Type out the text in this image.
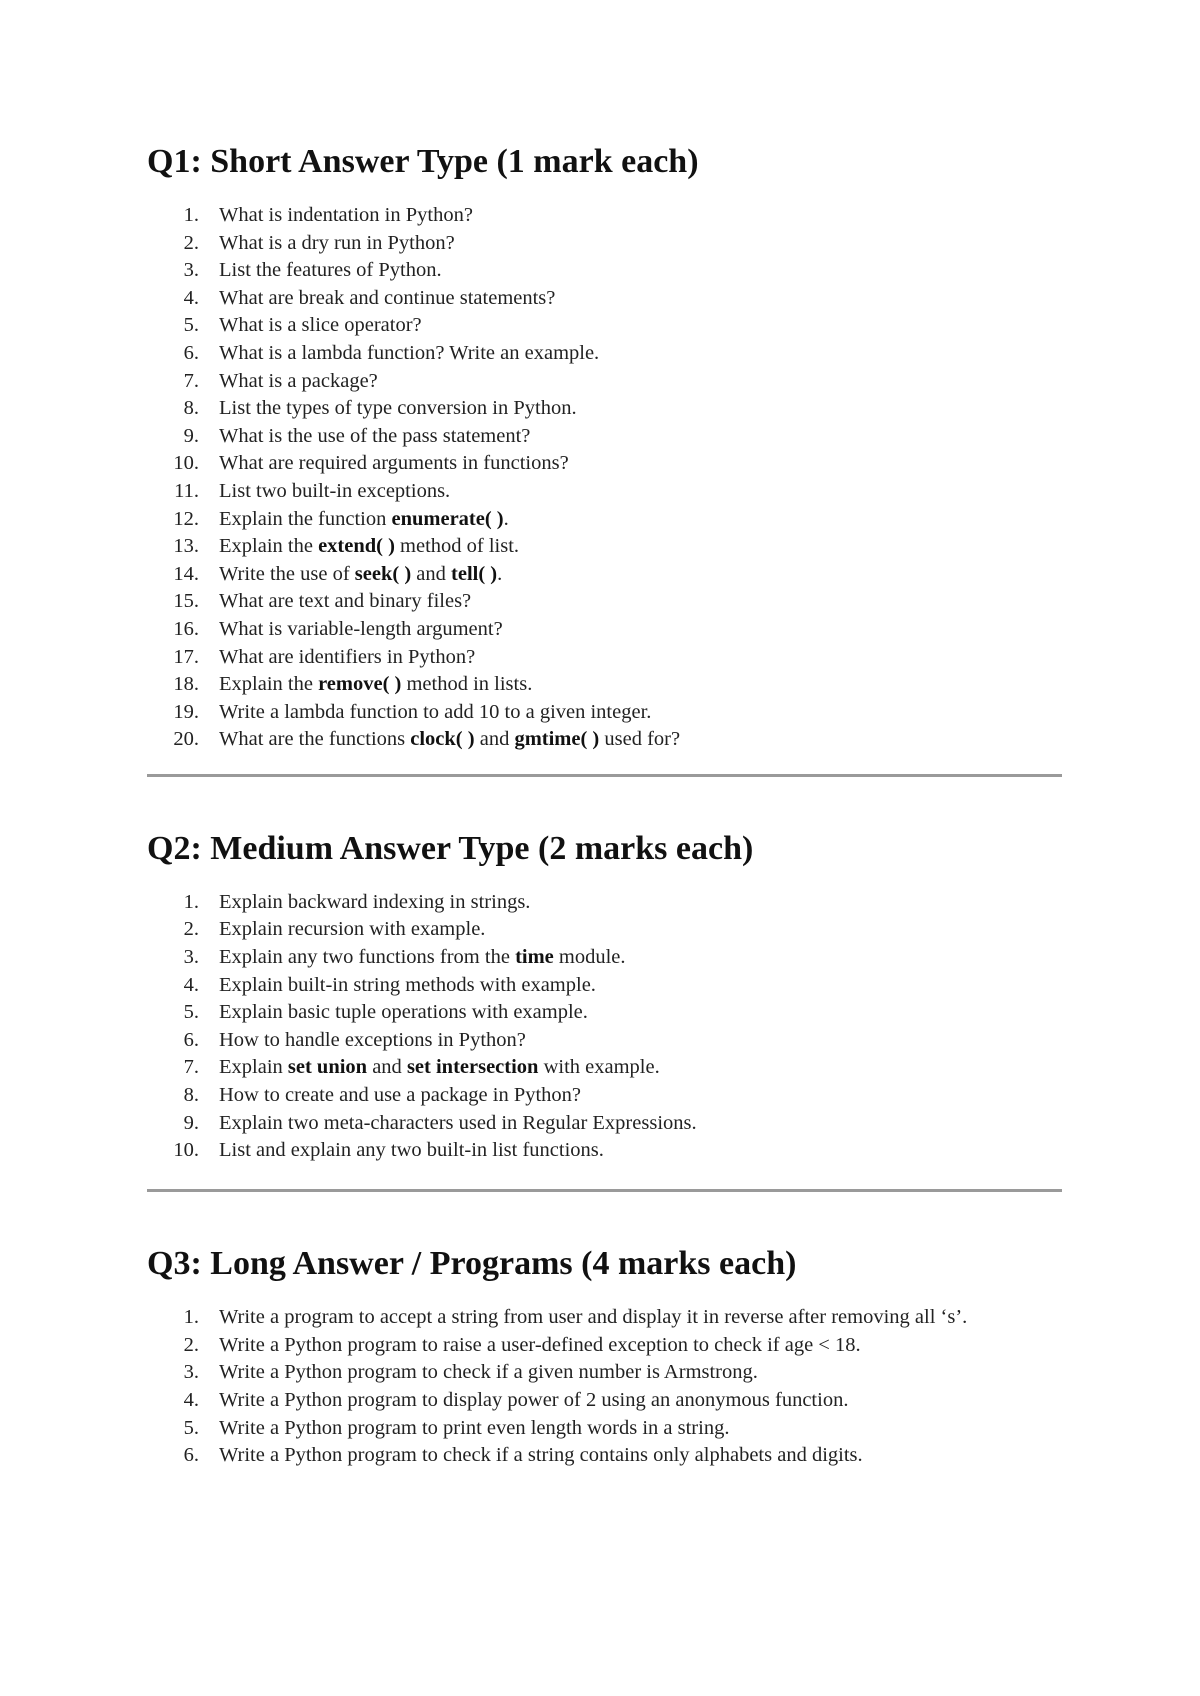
Q1: Short Answer Type (1 mark each)
1. What is indentation in Python?
2. What is a dry run in Python?
3. List the features of Python.
4. What are break and continue statements?
5. What is a slice operator?
6. What is a lambda function? Write an example.
7. What is a package?
8. List the types of type conversion in Python.
9. What is the use of the pass statement?
10. What are required arguments in functions?
11. List two built-in exceptions.
12. Explain the function enumerate( ).
13. Explain the extend( ) method of list.
14. Write the use of seek( ) and tell( ).
15. What are text and binary files?
16. What is variable-length argument?
17. What are identifiers in Python?
18. Explain the remove( ) method in lists.
19. Write a lambda function to add 10 to a given integer.
20. What are the functions clock( ) and gmtime( ) used for?
Q2: Medium Answer Type (2 marks each)
1. Explain backward indexing in strings.
2. Explain recursion with example.
3. Explain any two functions from the time module.
4. Explain built-in string methods with example.
5. Explain basic tuple operations with example.
6. How to handle exceptions in Python?
7. Explain set union and set intersection with example.
8. How to create and use a package in Python?
9. Explain two meta-characters used in Regular Expressions.
10. List and explain any two built-in list functions.
Q3: Long Answer / Programs (4 marks each)
1. Write a program to accept a string from user and display it in reverse after removing all ‘s’.
2. Write a Python program to raise a user-defined exception to check if age < 18.
3. Write a Python program to check if a given number is Armstrong.
4. Write a Python program to display power of 2 using an anonymous function.
5. Write a Python program to print even length words in a string.
6. Write a Python program to check if a string contains only alphabets and digits.
